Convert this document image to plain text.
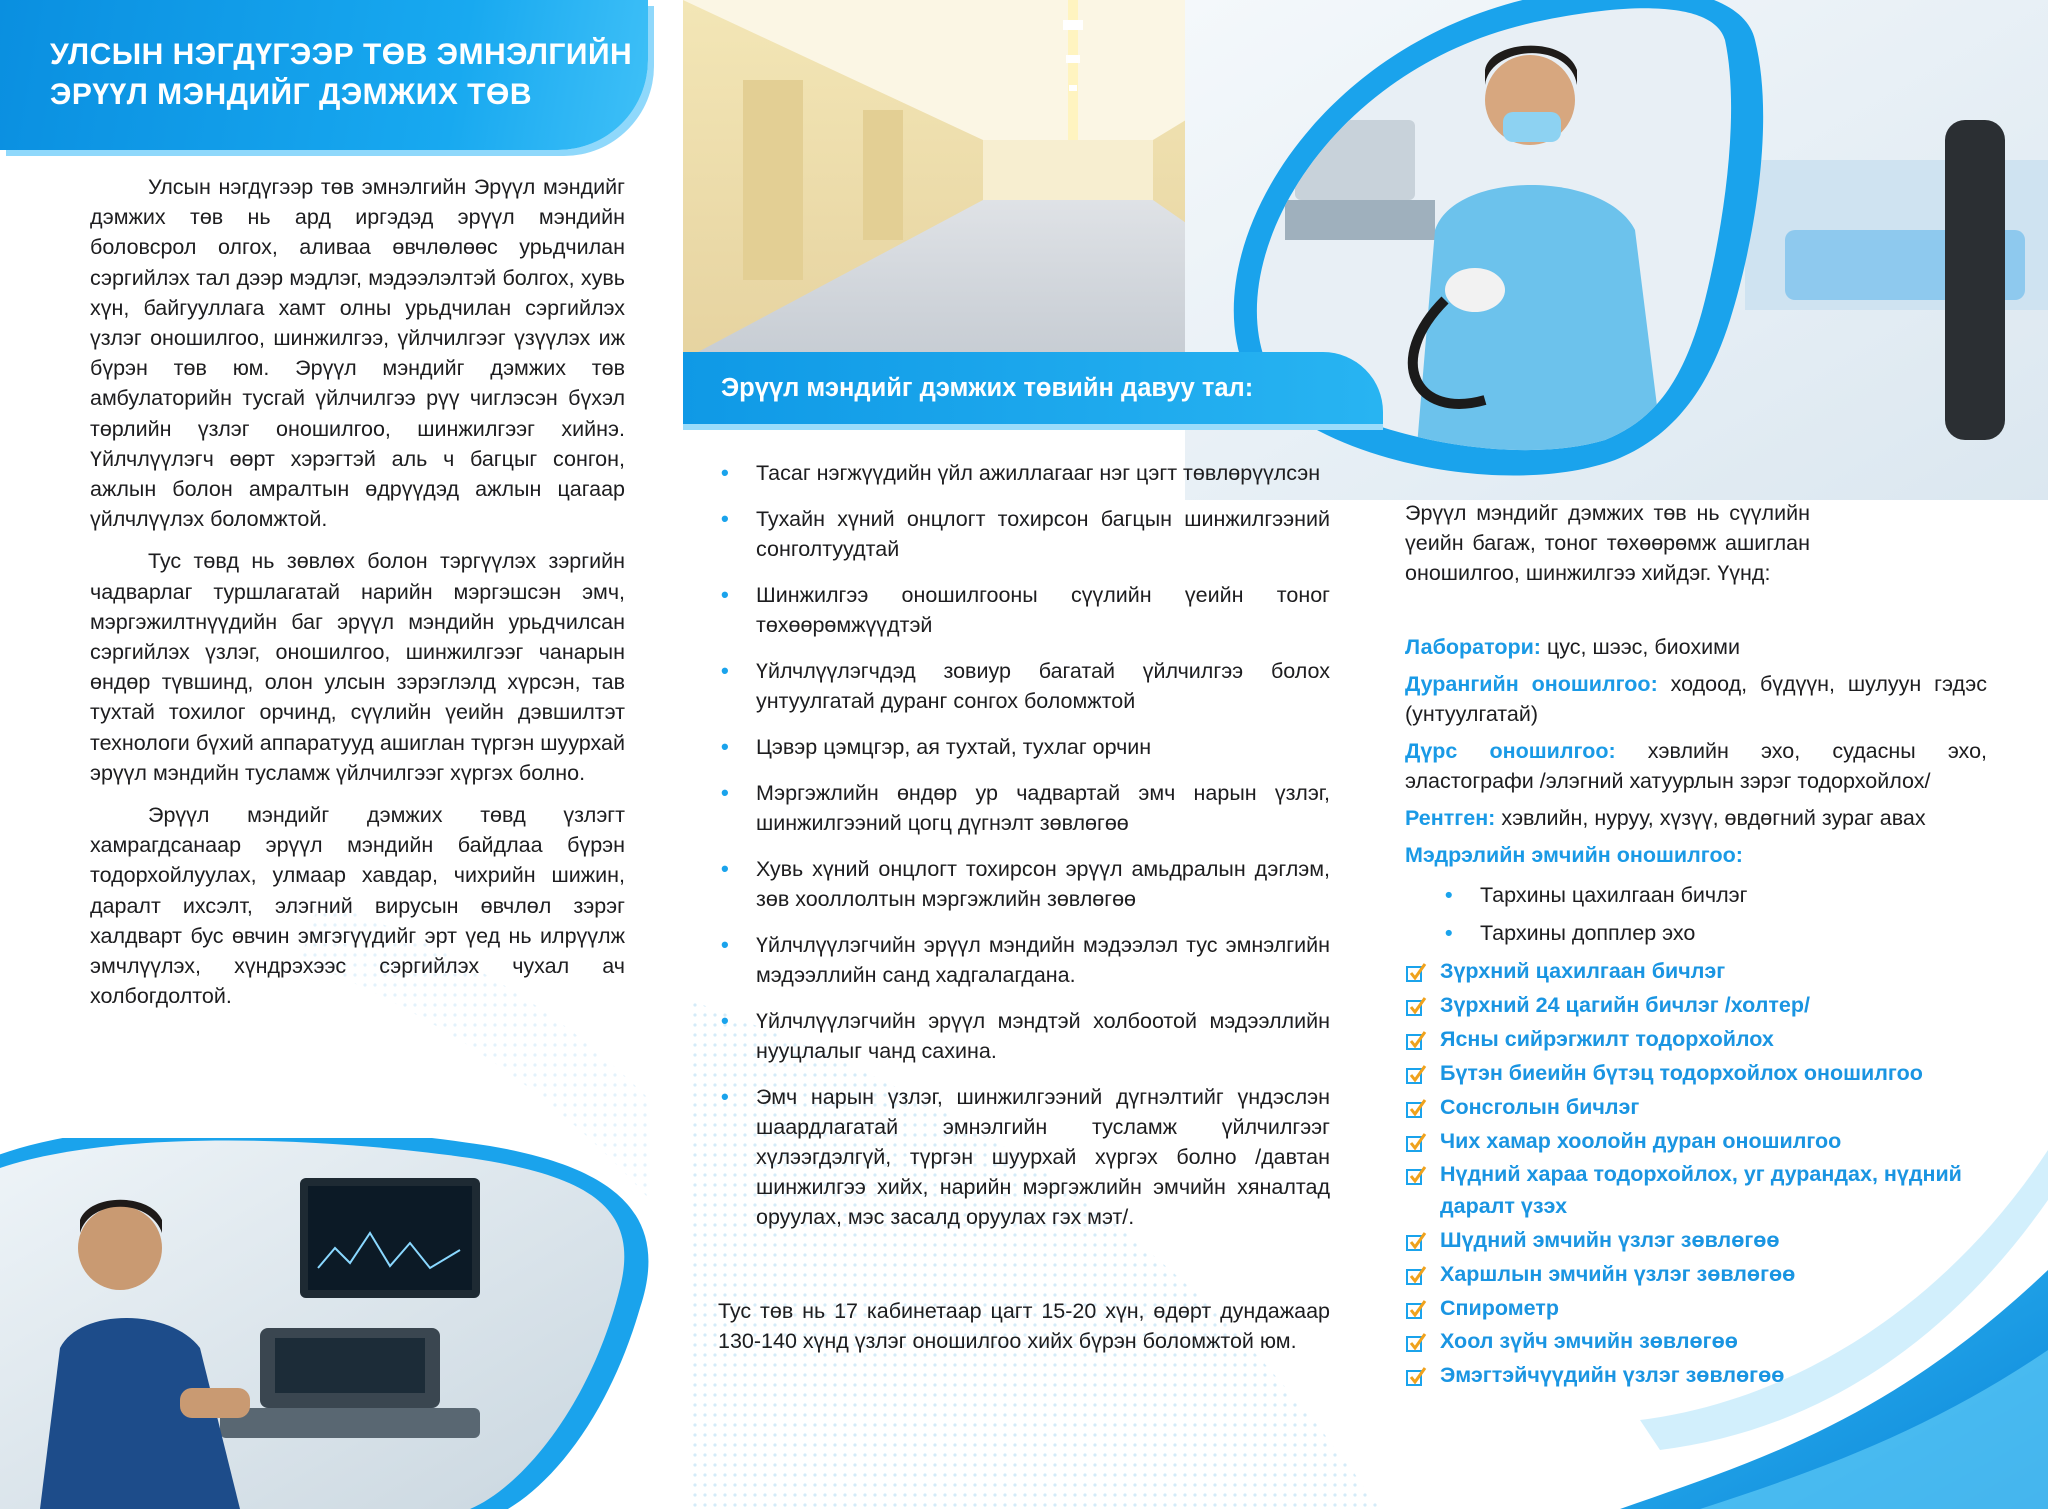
УЛСЫН НЭГДҮГЭЭР ТӨВ ЭМНЭЛГИЙН
ЭРҮҮЛ МЭНДИЙГ ДЭМЖИХ ТӨВ

Улсын нэгдүгээр төв эмнэлгийн Эрүүл мэндийг дэмжих төв нь ард иргэдэд эрүүл мэндийн боловсрол олгох, аливаа өвчлөлөөс урьдчилан сэргийлэх тал дээр мэдлэг, мэдээлэлтэй болгох, хувь хүн, байгууллага хамт олны урьдчилан сэргийлэх үзлэг оношилгоо, шинжилгээ, үйлчилгээг үзүүлэх иж бүрэн төв юм. Эрүүл мэндийг дэмжих төв амбулаторийн тусгай үйлчилгээ рүү чиглэсэн бүхэл төрлийн үзлэг оношилгоо, шинжилгээг хийнэ. Үйлчлүүлэгч өөрт хэрэгтэй аль ч багцыг сонгон, ажлын болон амралтын өдрүүдэд ажлын цагаар үйлчлүүлэх боломжтой.

Тус төвд нь зөвлөх болон тэргүүлэх зэргийн чадварлаг туршлагатай нарийн мэргэшсэн эмч, мэргэжилтнүүдийн баг эрүүл мэндийн урьдчилсан сэргийлэх үзлэг, оношилгоо, шинжилгээг чанарын өндөр түвшинд, олон улсын зэрэглэлд хүрсэн, тав тухтай тохилог орчинд, сүүлийн үеийн дэвшилтэт технологи бүхий аппаратууд ашиглан түргэн шуурхай эрүүл мэндийн тусламж үйлчилгээг хүргэх болно.

Эрүүл мэндийг дэмжих төвд үзлэгт хамрагдсанаар эрүүл мэндийн байдлаа бүрэн тодорхойлуулах, улмаар хавдар, чихрийн шижин, даралт ихсэлт, элэгний вирусын өвчлөл зэрэг халдварт бус өвчин эмгэгүүдийг эрт үед нь илрүүлж эмчлүүлэх, хүндрэхээс сэргийлэх чухал ач холбогдолтой.

Эрүүл мэндийг дэмжих төвийн давуу тал:
• Тасаг нэгжүүдийн үйл ажиллагааг нэг цэгт төвлөрүүлсэн
• Тухайн хүний онцлогт тохирсон багцын шинжилгээний сонголтуудтай
• Шинжилгээ оношилгооны сүүлийн үеийн тоног төхөөрөмжүүдтэй
• Үйлчлүүлэгчдэд зовиур багатай үйлчилгээ болох унтуулгатай дуранг сонгох боломжтой
• Цэвэр цэмцгэр, ая тухтай, тухлаг орчин
• Мэргэжлийн өндөр ур чадвартай эмч нарын үзлэг, шинжилгээний цогц дүгнэлт зөвлөгөө
• Хувь хүний онцлогт тохирсон эрүүл амьдралын дэглэм, зөв хооллолтын мэргэжлийн зөвлөгөө
• Үйлчлүүлэгчийн эрүүл мэндийн мэдээлэл тус эмнэлгийн мэдээллийн санд хадгалагдана.
• Үйлчлүүлэгчийн эрүүл мэндтэй холбоотой мэдээллийн нууцлалыг чанд сахина.
• Эмч нарын үзлэг, шинжилгээний дүгнэлтийг үндэслэн шаардлагатай эмнэлгийн тусламж үйлчилгээг хүлээгдэлгүй, түргэн шуурхай хүргэх болно /давтан шинжилгээ хийх, нарийн мэргэжлийн эмчийн хяналтад оруулах, мэс засалд оруулах гэх мэт/.

Тус төв нь 17 кабинетаар цагт 15-20 хүн, өдөрт дундажаар 130-140 хүнд үзлэг оношилгоо хийх бүрэн боломжтой юм.

Эрүүл мэндийг дэмжих төв нь сүүлийн үеийн багаж, тоног төхөөрөмж ашиглан оношилгоо, шинжилгээ хийдэг. Үүнд:

Лаборатори: цус, шээс, биохими

Дурангийн оношилгоо: ходоод, бүдүүн, шулуун гэдэс (унтуулгатай)

Дүрс оношилгоо: хэвлийн эхо, судасны эхо, эластографи /элэгний хатуурлын зэрэг тодорхойлох/

Рентген: хэвлийн, нуруу, хүзүү, өвдөгний зураг авах

Мэдрэлийн эмчийн оношилгоо:

• Тархины цахилгаан бичлэг
• Тархины допплер эхо
Зүрхний цахилгаан бичлэг
Зүрхний 24 цагийн бичлэг /холтер/
Ясны сийрэгжилт тодорхойлох
Бүтэн биеийн бүтэц тодорхойлох оношилгоо
Сонсголын бичлэг
Чих хамар хоолойн дуран оношилгоо
Нүдний хараа тодорхойлох, уг дурандах, нүдний даралт үзэх
Шүдний эмчийн үзлэг зөвлөгөө
Харшлын эмчийн үзлэг зөвлөгөө
Спирометр
Хоол зүйч эмчийн зөвлөгөө
Эмэгтэйчүүдийн үзлэг зөвлөгөө
